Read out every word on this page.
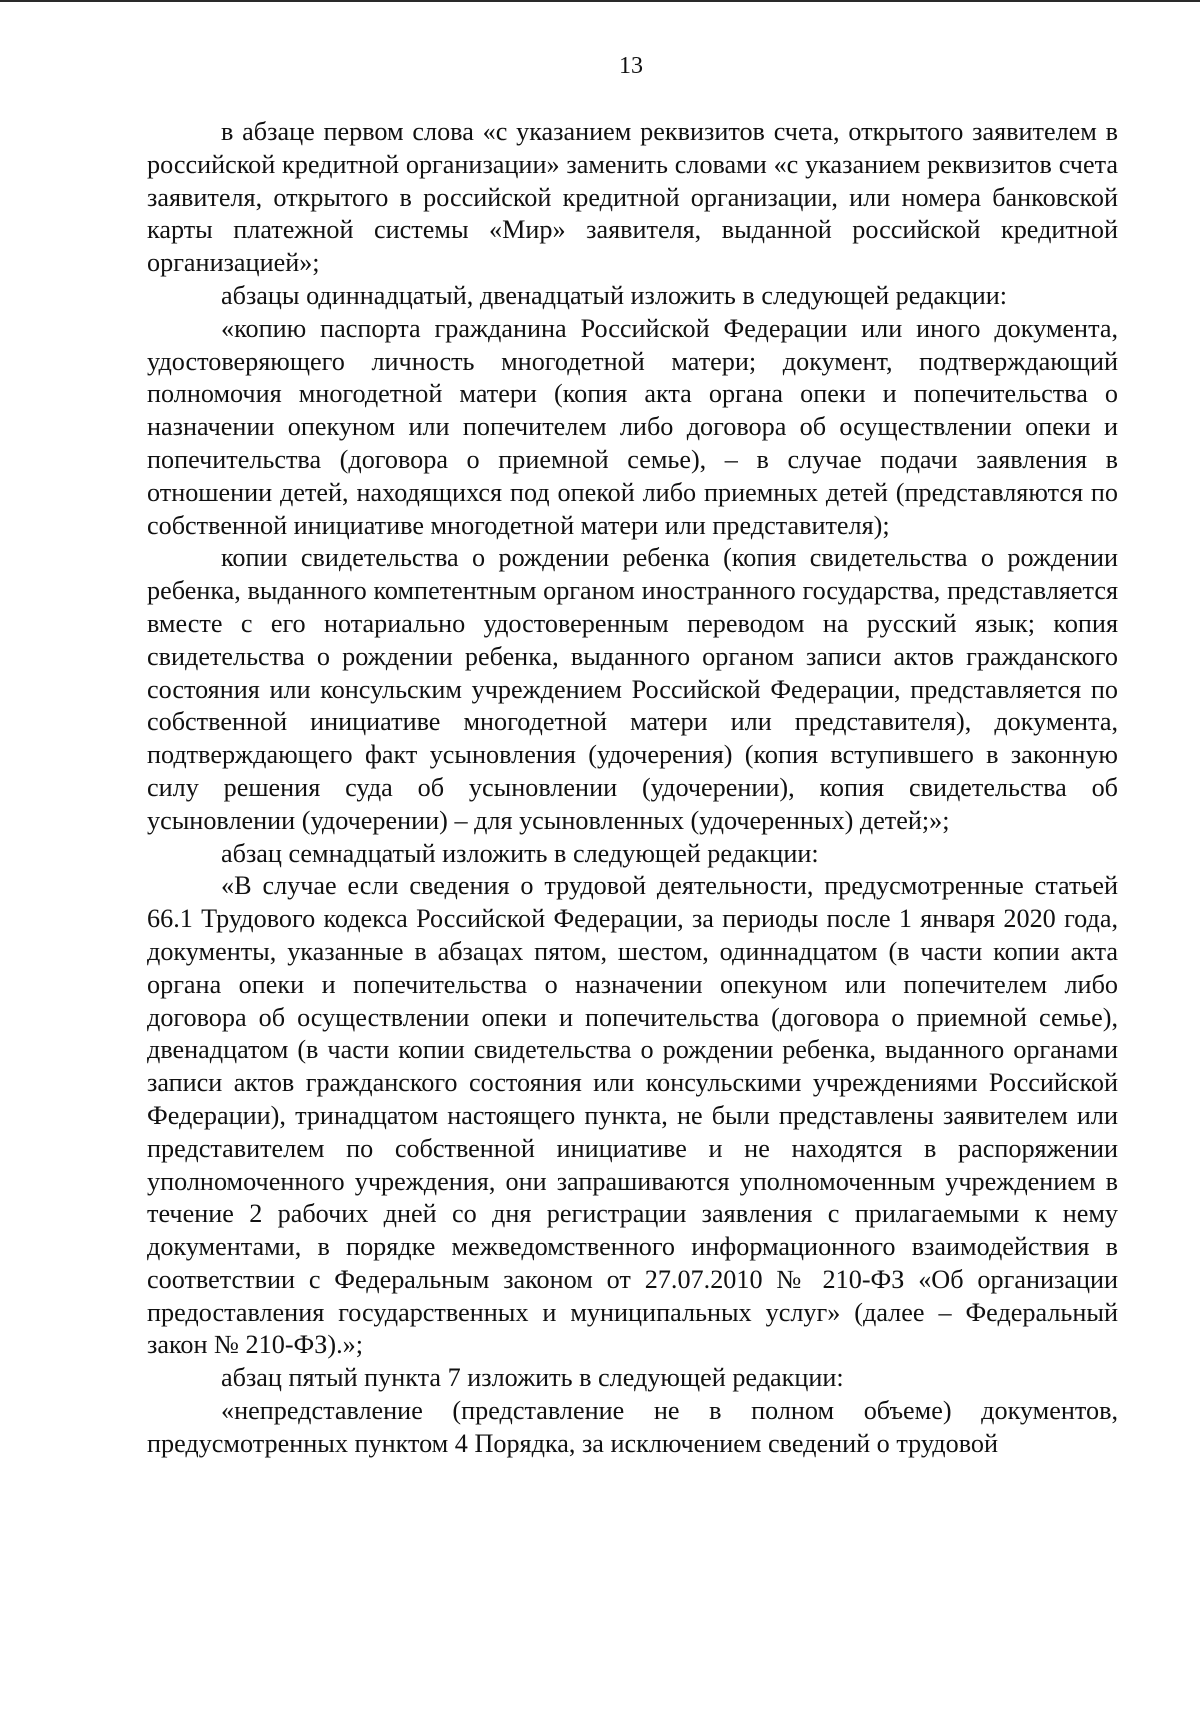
13

в абзаце первом слова «с указанием реквизитов счета, открытого заявителем в российской кредитной организации» заменить словами «с указанием реквизитов счета заявителя, открытого в российской кредитной организации, или номера банковской карты платежной системы «Мир» заявителя, выданной российской кредитной организацией»;

абзацы одиннадцатый, двенадцатый изложить в следующей редакции:

«копию паспорта гражданина Российской Федерации или иного документа, удостоверяющего личность многодетной матери; документ, подтверждающий полномочия многодетной матери (копия акта органа опеки и попечительства о назначении опекуном или попечителем либо договора об осуществлении опеки и попечительства (договора о приемной семье), – в случае подачи заявления в отношении детей, находящихся под опекой либо приемных детей (представляются по собственной инициативе многодетной матери или представителя);

копии свидетельства о рождении ребенка (копия свидетельства о рождении ребенка, выданного компетентным органом иностранного государства, представляется вместе с его нотариально удостоверенным переводом на русский язык; копия свидетельства о рождении ребенка, выданного органом записи актов гражданского состояния или консульским учреждением Российской Федерации, представляется по собственной инициативе многодетной матери или представителя), документа, подтверждающего факт усыновления (удочерения) (копия вступившего в законную силу решения суда об усыновлении (удочерении), копия свидетельства об усыновлении (удочерении) – для усыновленных (удочеренных) детей;»;

абзац семнадцатый изложить в следующей редакции:

«В случае если сведения о трудовой деятельности, предусмотренные статьей 66.1 Трудового кодекса Российской Федерации, за периоды после 1 января 2020 года, документы, указанные в абзацах пятом, шестом, одиннадцатом (в части копии акта органа опеки и попечительства о назначении опекуном или попечителем либо договора об осуществлении опеки и попечительства (договора о приемной семье), двенадцатом (в части копии свидетельства о рождении ребенка, выданного органами записи актов гражданского состояния или консульскими учреждениями Российской Федерации), тринадцатом настоящего пункта, не были представлены заявителем или представителем по собственной инициативе и не находятся в распоряжении уполномоченного учреждения, они запрашиваются уполномоченным учреждением в течение 2 рабочих дней со дня регистрации заявления с прилагаемыми к нему документами, в порядке межведомственного информационного взаимодействия в соответствии с Федеральным законом от 27.07.2010 № 210-ФЗ «Об организации предоставления государственных и муниципальных услуг» (далее – Федеральный закон № 210-ФЗ).»;

абзац пятый пункта 7 изложить в следующей редакции:

«непредставление (представление не в полном объеме) документов, предусмотренных пунктом 4 Порядка, за исключением сведений о трудовой
